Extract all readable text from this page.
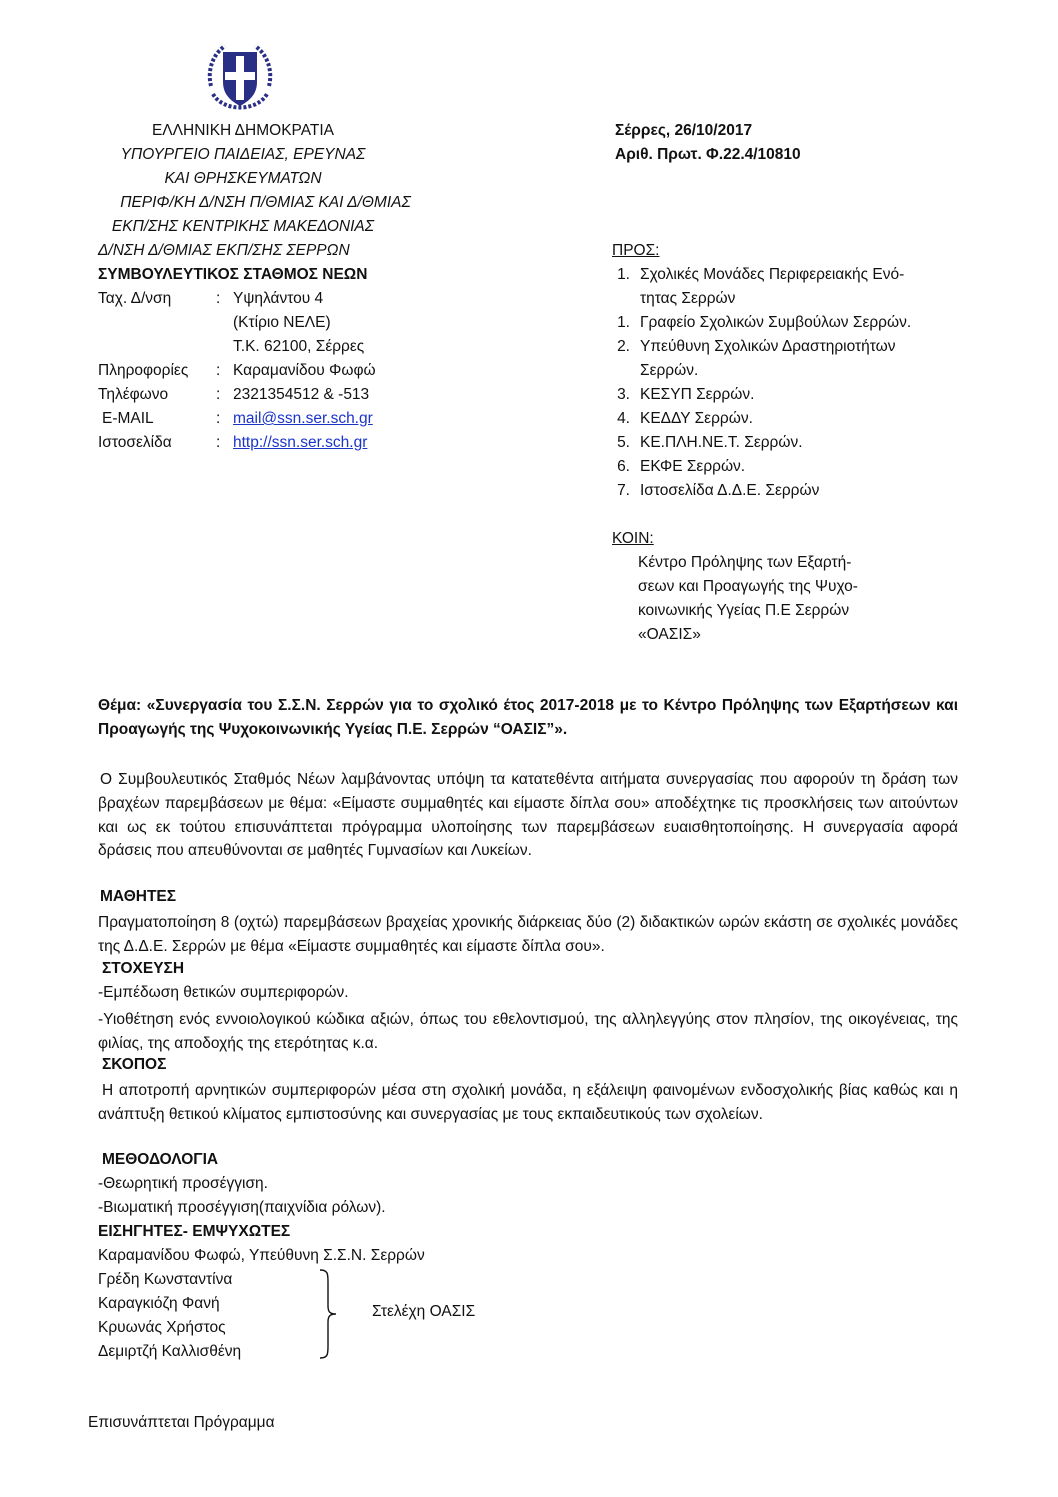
ΕΛΛΗΝΙΚΗ ΔΗΜΟΚΡΑΤΙΑ
ΥΠΟΥΡΓΕΙΟ ΠΑΙΔΕΙΑΣ, ΕΡΕΥΝΑΣ
ΚΑΙ ΘΡΗΣΚΕΥΜΑΤΩΝ
ΠΕΡΙΦ/ΚΗ Δ/ΝΣΗ Π/ΘΜΙΑΣ ΚΑΙ Δ/ΘΜΙΑΣ
ΕΚΠ/ΣΗΣ ΚΕΝΤΡΙΚΗΣ ΜΑΚΕΔΟΝΙΑΣ
Δ/ΝΣΗ Δ/ΘΜΙΑΣ ΕΚΠ/ΣΗΣ ΣΕΡΡΩΝ
ΣΥΜΒΟΥΛΕΥΤΙΚΟΣ ΣΤΑΘΜΟΣ ΝΕΩΝ
Ταχ. Δ/νση	: Υψηλάντου 4
(Κτίριο ΝΕΛΕ)
Τ.Κ. 62100, Σέρρες
Πληροφορίες : Καραμανίδου Φωφώ
Τηλέφωνο	: 2321354512 & -513
E-MAIL	: mail@ssn.ser.sch.gr
Ιστοσελίδα	: http://ssn.ser.sch.gr
Σέρρες, 26/10/2017
Αριθ. Πρωτ. Φ.22.4/10810
ΠΡΟΣ:
1. Σχολικές Μονάδες Περιφερειακής Ενό-
τητας Σερρών
1. Γραφείο Σχολικών Συμβούλων Σερρών.
2. Υπεύθυνη Σχολικών Δραστηριοτήτων
Σερρών.
3. ΚΕΣΥΠ Σερρών.
4. ΚΕΔΔΥ Σερρών.
5. ΚΕ.ΠΛΗ.ΝΕ.Τ. Σερρών.
6. ΕΚΦΕ Σερρών.
7. Ιστοσελίδα Δ.Δ.Ε. Σερρών
ΚΟΙΝ:
Κέντρο Πρόληψης των Εξαρτή-
σεων και Προαγωγής της Ψυχο-
κοινωνικής Υγείας Π.Ε Σερρών
«ΟΑΣΙΣ»
Θέμα: «Συνεργασία του Σ.Σ.Ν. Σερρών για το σχολικό έτος 2017-2018 με το Κέντρο Πρόληψης των Εξαρτήσεων και Προαγωγής της Ψυχοκοινωνικής Υγείας Π.Ε. Σερρών “ΟΑΣΙΣ”».
Ο Συμβουλευτικός Σταθμός Νέων λαμβάνοντας υπόψη τα κατατεθέντα αιτήματα συνεργασίας που αφορούν τη δράση των βραχέων παρεμβάσεων με θέμα: «Είμαστε συμμαθητές και είμαστε δίπλα σου» αποδέχτηκε τις προσκλήσεις των αιτούντων και ως εκ τούτου επισυνάπτεται πρόγραμμα υλοποίησης των παρεμβάσεων ευαισθητοποίησης. Η συνεργασία αφορά δράσεις που απευθύνονται σε μαθητές Γυμνασίων και Λυκείων.
ΜΑΘΗΤΕΣ
Πραγματοποίηση 8 (οχτώ) παρεμβάσεων βραχείας χρονικής διάρκειας δύο (2) διδακτικών ωρών εκάστη σε σχολικές μονάδες της Δ.Δ.Ε. Σερρών με θέμα «Είμαστε συμμαθητές και είμαστε δίπλα σου».
ΣΤΟΧΕΥΣΗ
-Εμπέδωση θετικών συμπεριφορών.
-Υιοθέτηση ενός εννοιολογικού κώδικα αξιών, όπως του εθελοντισμού, της αλληλεγγύης στον πλησίον, της οικογένειας, της φιλίας, της αποδοχής της ετερότητας κ.α.
ΣΚΟΠΟΣ
Η αποτροπή αρνητικών συμπεριφορών μέσα στη σχολική μονάδα, η εξάλειψη φαινομένων ενδοσχολικής βίας καθώς και η ανάπτυξη θετικού κλίματος εμπιστοσύνης και συνεργασίας με τους εκπαιδευτικούς των σχολείων.
ΜΕΘΟΔΟΛΟΓΙΑ
-Θεωρητική προσέγγιση.
-Βιωματική προσέγγιση(παιχνίδια ρόλων).
ΕΙΣΗΓΗΤΕΣ- ΕΜΨΥΧΩΤΕΣ
Καραμανίδου Φωφώ, Υπεύθυνη Σ.Σ.Ν. Σερρών
Γρέδη Κωνσταντίνα
Καραγκιόζη Φανή
Κρυωνάς Χρήστος
Δεμιρτζή Καλλισθένη
Στελέχη ΟΑΣΙΣ
Επισυνάπτεται Πρόγραμμα
